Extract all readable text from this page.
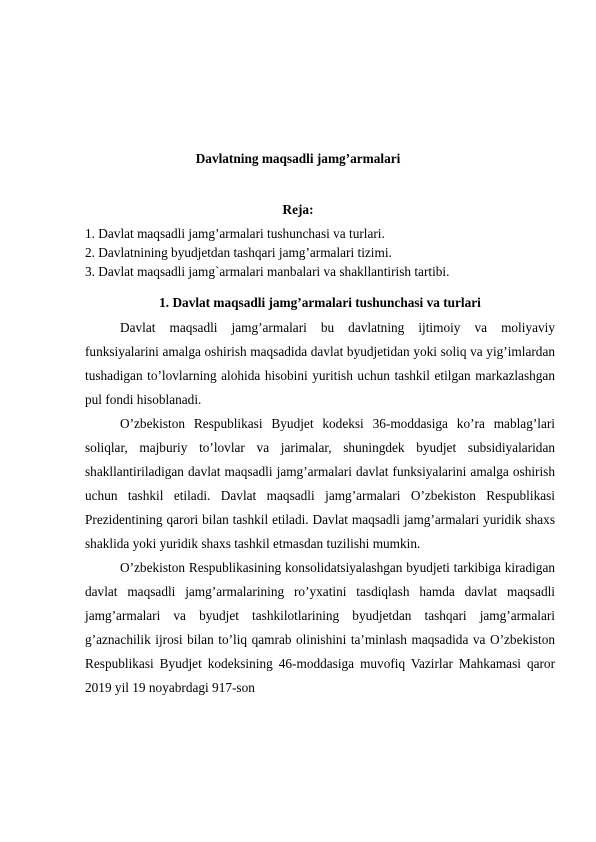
Davlatning maqsadli jamg’armalari
Reja:
1. Davlat maqsadli jamg’armalari tushunchasi va turlari.
2. Davlatnining byudjetdan tashqari jamg’armalari tizimi.
3. Davlat maqsadli jamg`armalari manbalari va shakllantirish tartibi.
1. Davlat maqsadli jamg’armalari tushunchasi va turlari

Davlat maqsadli jamg’armalari bu davlatning ijtimoiy va moliyaviy funksiyalarini amalga oshirish maqsadida davlat byudjetidan yoki soliq va yig’imlardan tushadigan to’lovlarning alohida hisobini yuritish uchun tashkil etilgan markazlashgan pul fondi hisoblanadi.

O’zbekiston Respublikasi Byudjet kodeksi 36-moddasiga ko’ra mablag’lari soliqlar, majburiy to’lovlar va jarimalar, shuningdek byudjet subsidiyalaridan shakllantiriladigan davlat maqsadli jamg’armalari davlat funksiyalarini amalga oshirish uchun tashkil etiladi. Davlat maqsadli jamg’armalari O’zbekiston Respublikasi Prezidentining qarori bilan tashkil etiladi. Davlat maqsadli jamg’armalari yuridik shaxs shaklida yoki yuridik shaxs tashkil etmasdan tuzilishi mumkin.

O’zbekiston Respublikasining konsolidatsiyalashgan byudjeti tarkibiga kiradigan davlat maqsadli jamg’armalarining ro’yxatini tasdiqlash hamda davlat maqsadli jamg’armalari va byudjet tashkilotlarining byudjetdan tashqari jamg’armalari g’aznachilik ijrosi bilan to’liq qamrab olinishini ta’minlash maqsadida va O’zbekiston Respublikasi Byudjet kodeksining 46-moddasiga muvofiq Vazirlar Mahkamasi qaror 2019 yil 19 noyabrdagi 917-son
